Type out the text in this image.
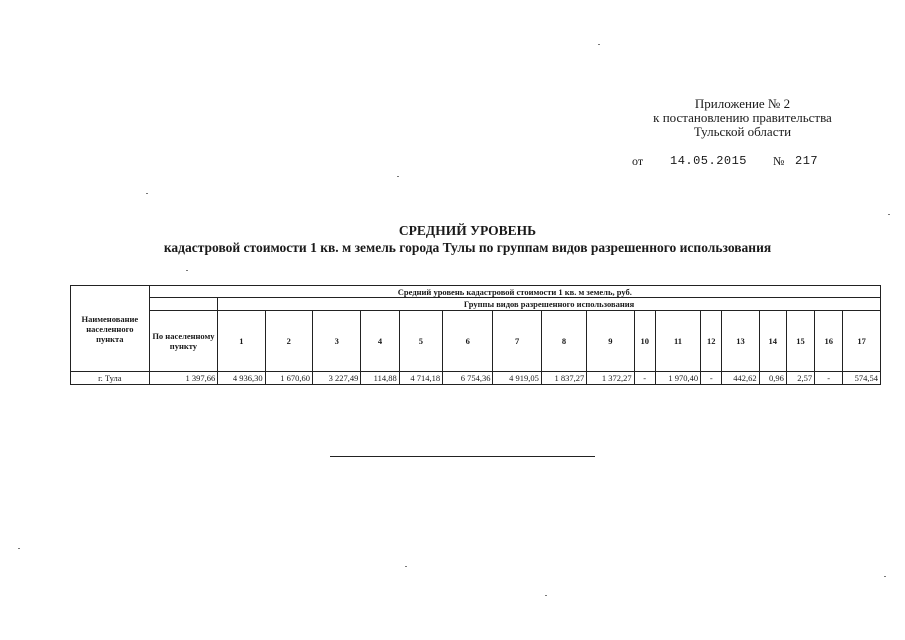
Приложение № 2
к постановлению правительства
Тульской области
от 14.05.2015 № 217
СРЕДНИЙ УРОВЕНЬ
кадастровой стоимости 1 кв. м земель города Тулы по группам видов разрешенного использования
Наименование населенного пункта	Средний уровень кадастровой стоимости 1 кв. м земель, руб.																	
		Группы видов разрешенного использования																
	По населенному пункту	1	2	3	4	5	6	7	8	9	10	11	12	13	14	15	16	17
г. Тула	1 397,66	4 936,30	1 670,60	3 227,49	114,88	4 714,18	6 754,36	4 919,05	1 837,27	1 372,27	-	1 970,40	-	442,62	0,96	2,57	-	574,54
